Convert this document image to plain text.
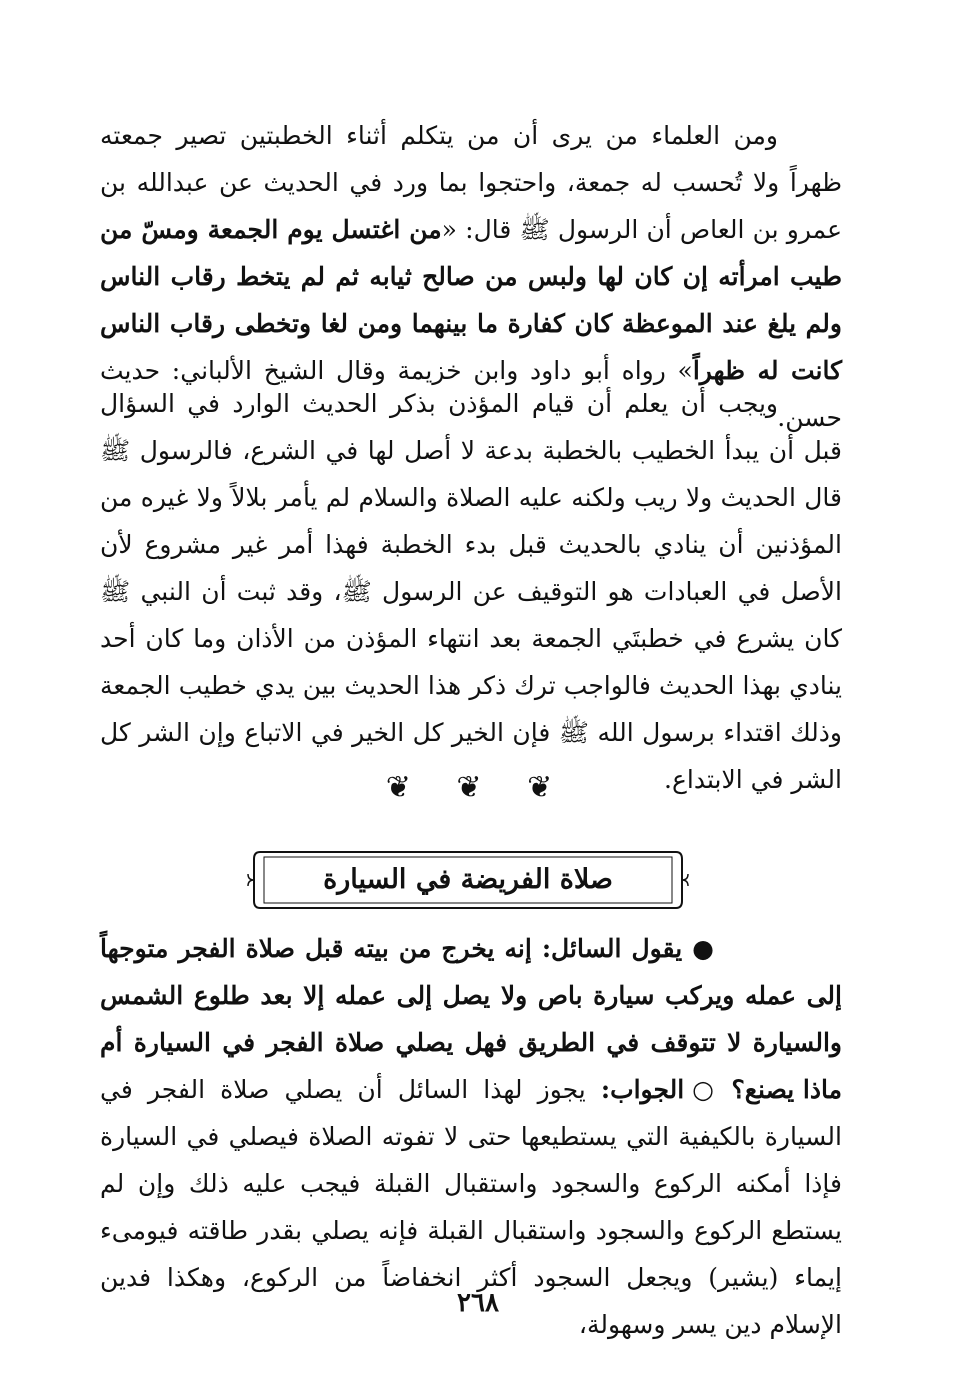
ومن العلماء من يرى أن من يتكلم أثناء الخطبتين تصير جمعته ظهراً ولا تُحسب له جمعة، واحتجوا بما ورد في الحديث عن عبدالله بن عمرو بن العاص أن الرسول ﷺ قال: «من اغتسل يوم الجمعة ومسّ من طيب امرأته إن كان لها ولبس من صالح ثيابه ثم لم يتخط رقاب الناس ولم يلغ عند الموعظة كان كفارة ما بينهما ومن لغا وتخطى رقاب الناس كانت له ظهراً» رواه أبو داود وابن خزيمة وقال الشيخ الألباني: حديث حسن.

ويجب أن يعلم أن قيام المؤذن بذكر الحديث الوارد في السؤال قبل أن يبدأ الخطيب بالخطبة بدعة لا أصل لها في الشرع، فالرسول ﷺ قال الحديث ولا ريب ولكنه عليه الصلاة والسلام لم يأمر بلالاً ولا غيره من المؤذنين أن ينادي بالحديث قبل بدء الخطبة فهذا أمر غير مشروع لأن الأصل في العبادات هو التوقيف عن الرسول ﷺ، وقد ثبت أن النبي ﷺ كان يشرع في خطبتَي الجمعة بعد انتهاء المؤذن من الأذان وما كان أحد ينادي بهذا الحديث فالواجب ترك ذكر هذا الحديث بين يدي خطيب الجمعة وذلك اقتداء برسول الله ﷺ فإن الخير كل الخير في الاتباع وإن الشر كل الشر في الابتداع.

❦ ❦ ❦
صلاة الفريضة في السيارة

●يقول السائل: إنه يخرج من بيته قبل صلاة الفجر متوجهاً إلى عمله ويركب سيارة باص ولا يصل إلى عمله إلا بعد طلوع الشمس والسيارة لا تتوقف في الطريق فهل يصلي صلاة الفجر في السيارة أم ماذا يصنع؟

○الجواب: يجوز لهذا السائل أن يصلي صلاة الفجر في السيارة بالكيفية التي يستطيعها حتى لا تفوته الصلاة فيصلي في السيارة فإذا أمكنه الركوع والسجود واستقبال القبلة فيجب عليه ذلك وإن لم يستطع الركوع والسجود واستقبال القبلة فإنه يصلي بقدر طاقته فيومىء إيماء (يشير) ويجعل السجود أكثر انخفاضاً من الركوع، وهكذا فدين الإسلام دين يسر وسهولة،

٢٦٨
